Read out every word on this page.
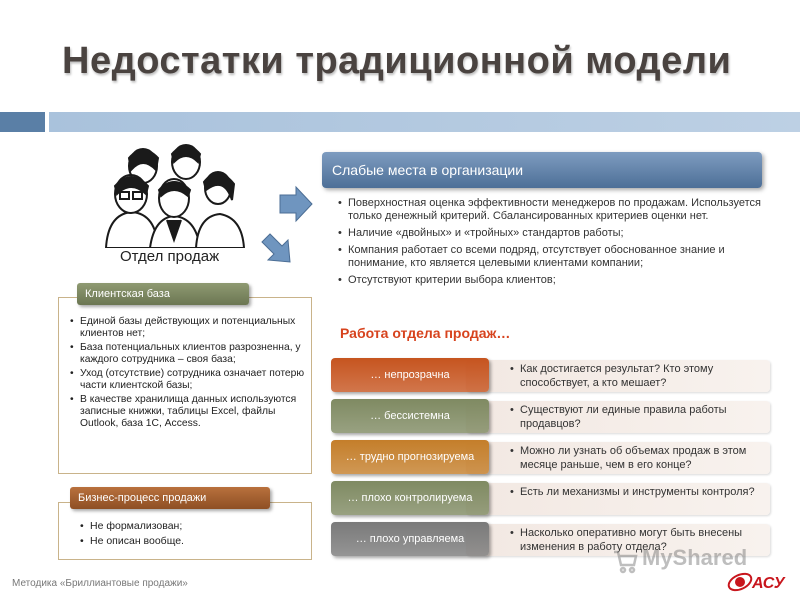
Недостатки традиционной модели
Отдел продаж
Слабые места в организации
• Поверхностная оценка эффективности менеджеров по продажам. Используется только денежный критерий. Сбалансированных критериев оценки нет.
• Наличие «двойных» и «тройных» стандартов работы;
• Компания работает со всеми подряд, отсутствует обоснованное знание и понимание, кто является целевыми клиентами компании;
• Отсутствуют критерии выбора клиентов;
Работа отдела продаж…
… непрозрачна	• Как достигается результат? Кто этому способствует, а кто мешает?
… бессистемна	• Существуют ли единые правила работы продавцов?
… трудно прогнозируема	• Можно ли узнать об объемах продаж в этом месяце раньше, чем в его конце?
… плохо контролируема	• Есть ли механизмы и инструменты контроля?
… плохо управляема	• Насколько оперативно могут быть внесены изменения в работу отдела?
Клиентская база
• Единой базы действующих и потенциальных клиентов нет;
• База потенциальных клиентов разрозненна, у каждого сотрудника – своя база;
• Уход (отсутствие) сотрудника означает потерю части клиентской базы;
• В качестве хранилища данных используются записные книжки, таблицы Excel, файлы Outlook, база 1С, Access.
Бизнес-процесс продажи
• Не формализован;
• Не описан вообще.
Методика «Бриллиантовые продажи»
MyShared
АСУ
